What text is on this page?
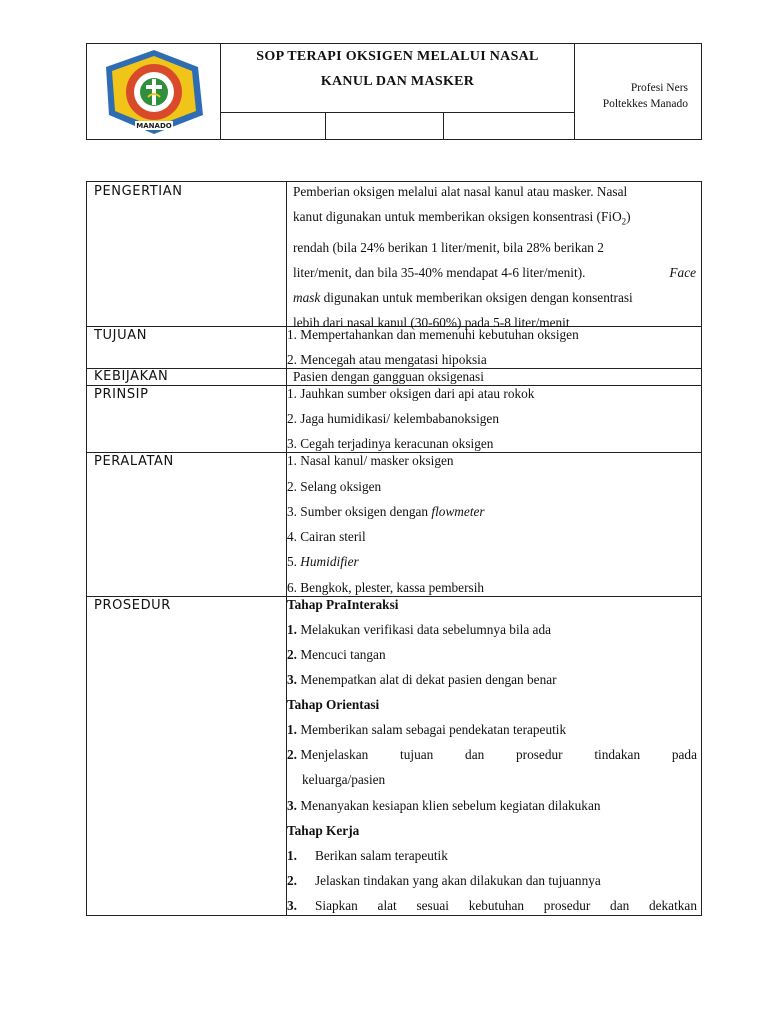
MANADO
SOP TERAPI OKSIGEN MELALUI NASAL
KANUL DAN MASKER	Profesi Ners
Poltekkes Manado
PENGERTIAN	Pemberian oksigen melalui alat nasal kanul atau masker. Nasal
kanut digunakan untuk memberikan oksigen konsentrasi (FiO$_2$)
rendah (bila 24% berikan 1 liter/menit, bila 28% berikan 2
liter/menit, dan bila 35-40% mendapat 4-6 liter/menit).	Face
mask digunakan untuk memberikan oksigen dengan konsentrasi
lebih dari nasal kanul (30-60%) pada 5-8 liter/menit
TUJUAN	1. Mempertahankan dan memenuhi kebutuhan oksigen
2. Mencegah atau mengatasi hipoksia
KEBIJAKAN	Pasien dengan gangguan oksigenasi
PRINSIP	1. Jauhkan sumber oksigen dari api atau rokok
2. Jaga humidikasi/ kelembabanoksigen
3. Cegah terjadinya keracunan oksigen
PERALATAN	1. Nasal kanul/ masker oksigen
2. Selang oksigen
3. Sumber oksigen dengan flowmeter
4. Cairan steril
5. Humidifier
6. Bengkok, plester, kassa pembersih
PROSEDUR	Tahap PraInteraksi
1. Melakukan verifikasi data sebelumnya bila ada
2. Mencuci tangan
3. Menempatkan alat di dekat pasien dengan benar
Tahap Orientasi
1. Memberikan salam sebagai pendekatan terapeutik
2. Menjelaskan tujuan dan prosedur tindakan pada
keluarga/pasien
3. Menanyakan kesiapan klien sebelum kegiatan dilakukan
Tahap Kerja
1. Berikan salam terapeutik
2. Jelaskan tindakan yang akan dilakukan dan tujuannya
3. Siapkan alat sesuai kebutuhan prosedur dan dekatkan
